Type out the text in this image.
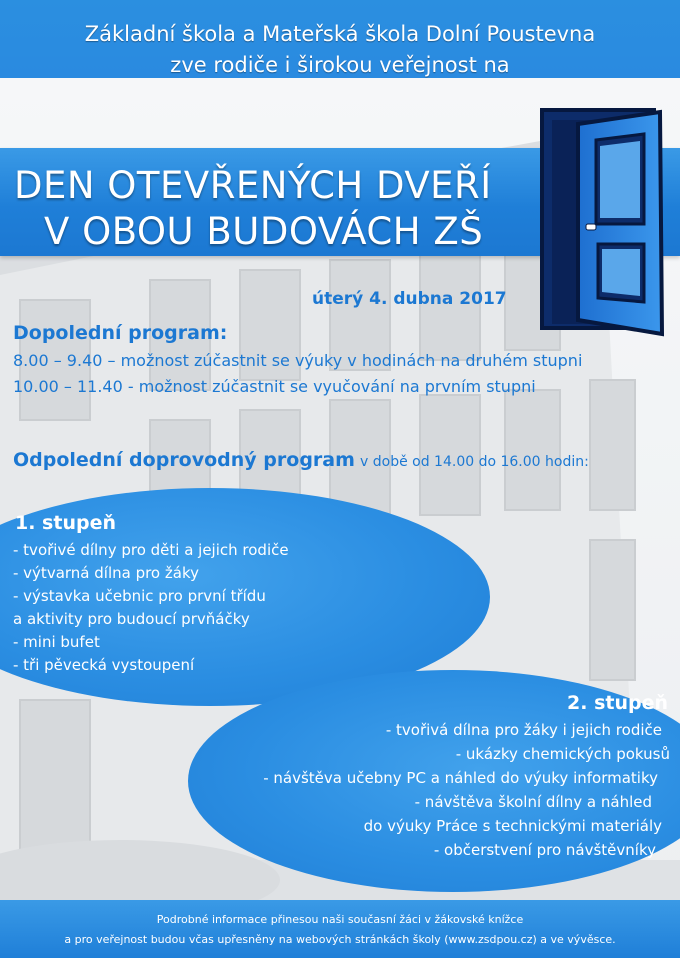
Základní škola a Mateřská škola Dolní Poustevna
zve rodiče i širokou veřejnost na
DEN OTEVŘENÝCH DVEŘÍ
V OBOU BUDOVÁCH ZŠ
úterý 4. dubna 2017
Dopolední program:
8.00 – 9.40 – možnost zúčastnit se výuky v hodinách na druhém stupni
10.00 – 11.40 - možnost zúčastnit se vyučování na prvním stupni
Odpolední doprovodný program v době od 14.00 do 16.00 hodin:
1. stupeň
- tvořivé dílny pro děti a jejich rodiče
- výtvarná dílna pro žáky
- výstavka učebnic pro první třídu
a aktivity pro budoucí prvňáčky
- mini bufet
- tři pěvecká vystoupení
2. stupeň
- tvořivá dílna pro žáky i jejich rodiče
- ukázky chemických pokusů
- návštěva učebny PC a náhled do výuky informatiky
- návštěva školní dílny a náhled
do výuky Práce s technickými materiály
- občerstvení pro návštěvníky
Podrobné informace přinesou naši současní žáci v žákovské knížce
a pro veřejnost budou včas upřesněny na webových stránkách školy (www.zsdpou.cz) a ve vývěsce.
